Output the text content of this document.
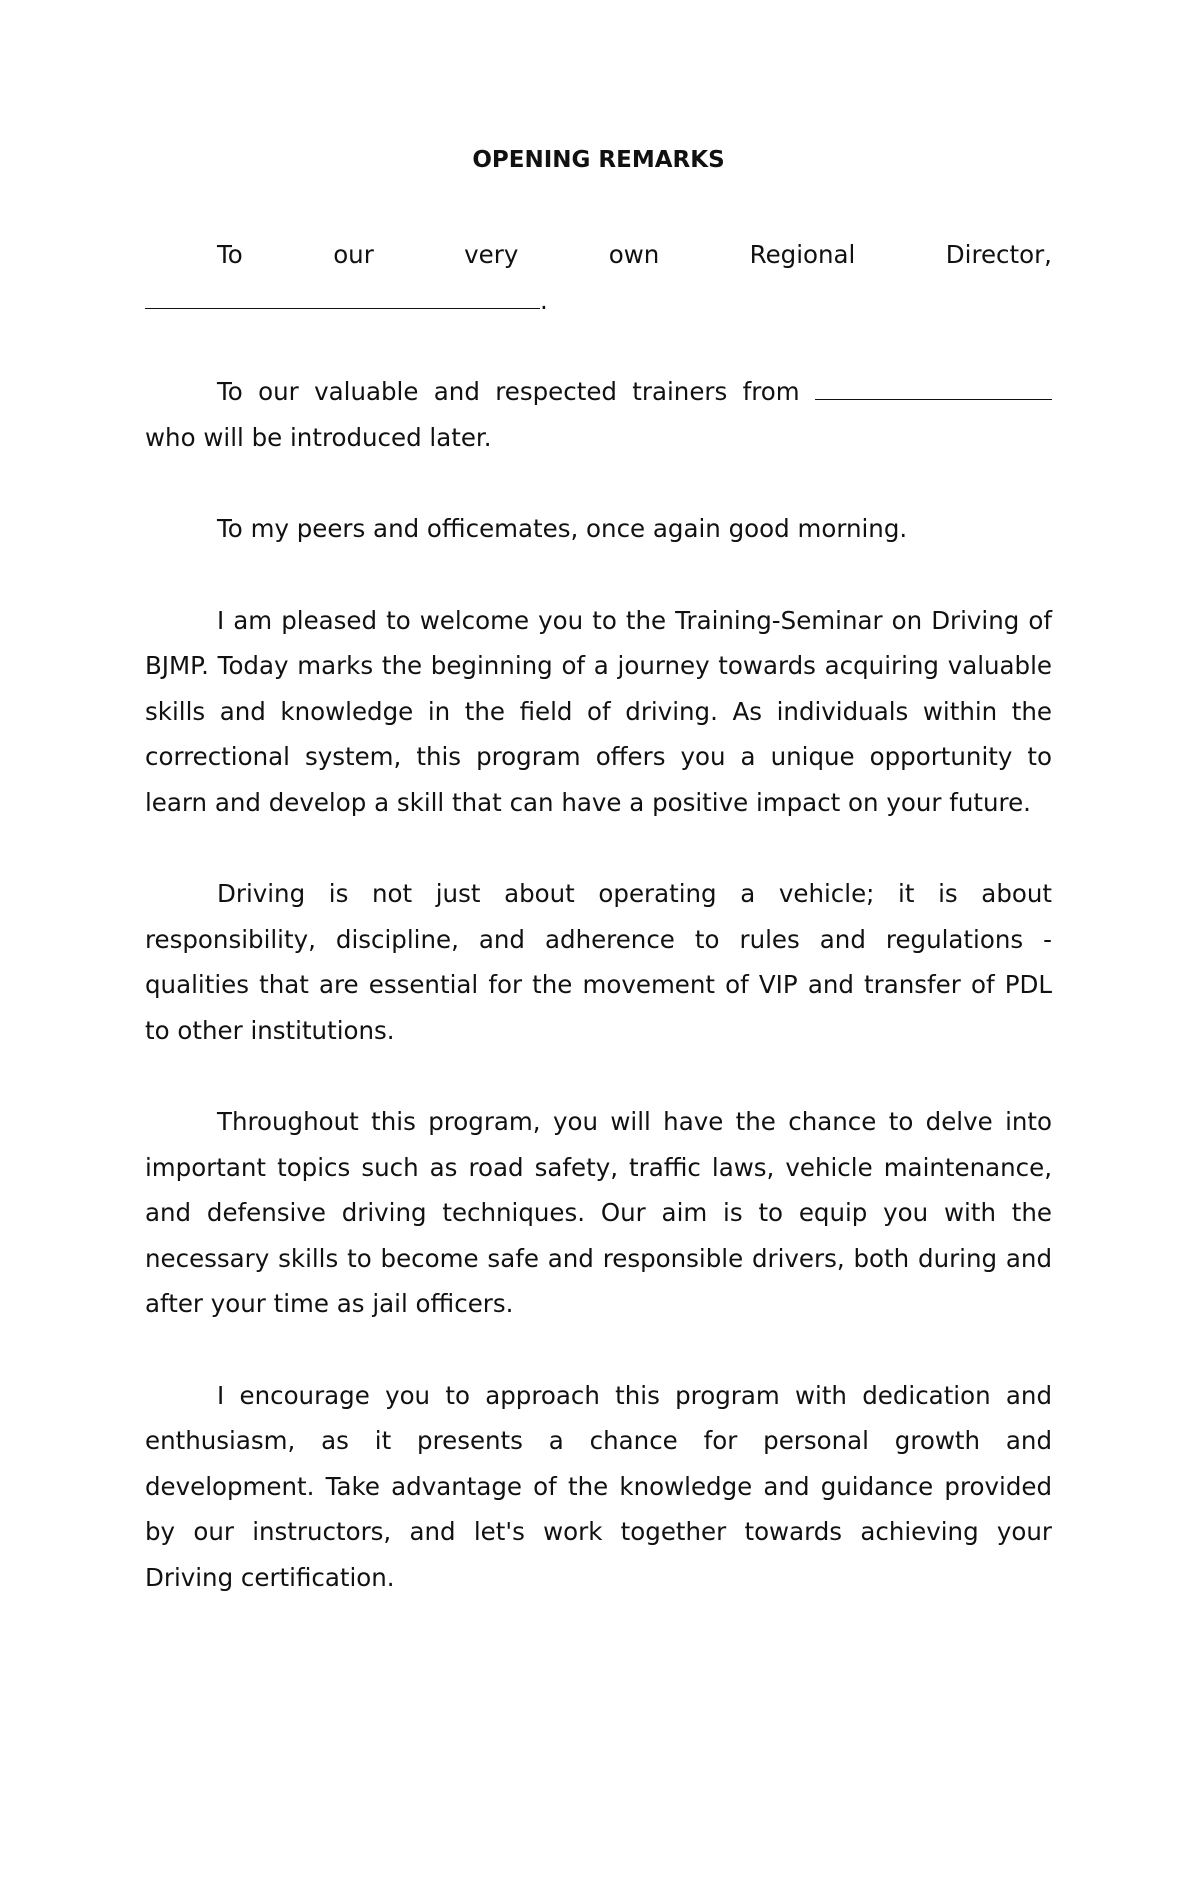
OPENING REMARKS
To	our	very	own	Regional	Director,
.
To our valuable and respected trainers from  who will be introduced later.
To my peers and officemates, once again good morning.
I am pleased to welcome you to the Training-Seminar on Driving of BJMP. Today marks the beginning of a journey towards acquiring valuable skills and knowledge in the field of driving. As individuals within the correctional system, this program offers you a unique opportunity to learn and develop a skill that can have a positive impact on your future.
Driving is not just about operating a vehicle; it is about responsibility, discipline, and adherence to rules and regulations - qualities that are essential for the movement of VIP and transfer of PDL to other institutions.
Throughout this program, you will have the chance to delve into important topics such as road safety, traffic laws, vehicle maintenance, and defensive driving techniques. Our aim is to equip you with the necessary skills to become safe and responsible drivers, both during and after your time as jail officers.
I encourage you to approach this program with dedication and enthusiasm, as it presents a chance for personal growth and development. Take advantage of the knowledge and guidance provided by our instructors, and let's work together towards achieving your Driving certification.
